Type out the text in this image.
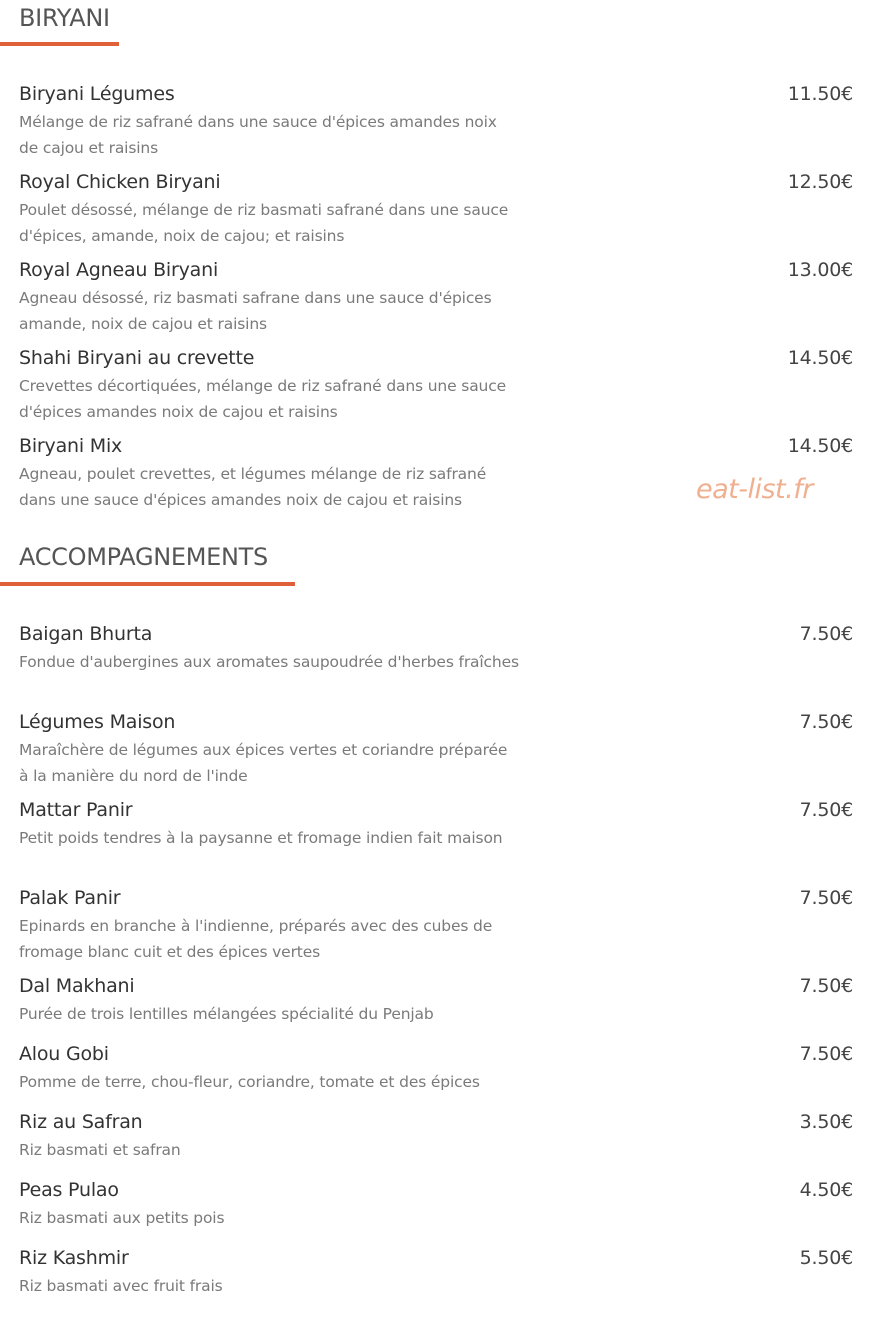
BIRYANI
Biryani Légumes	11.50€
Mélange de riz safrané dans une sauce d'épices amandes noix de cajou et raisins
Royal Chicken Biryani	12.50€
Poulet désossé, mélange de riz basmati safrané dans une sauce d'épices, amande, noix de cajou; et raisins
Royal Agneau Biryani	13.00€
Agneau désossé, riz basmati safrane dans une sauce d'épices amande, noix de cajou et raisins
Shahi Biryani au crevette	14.50€
Crevettes décortiquées, mélange de riz safrané dans une sauce d'épices amandes noix de cajou et raisins
Biryani Mix	14.50€
Agneau, poulet crevettes, et légumes mélange de riz safrané dans une sauce d'épices amandes noix de cajou et raisins	eat-list.fr
ACCOMPAGNEMENTS
Baigan Bhurta	7.50€
Fondue d'aubergines aux aromates saupoudrée d'herbes fraîches
Légumes Maison	7.50€
Maraîchère de légumes aux épices vertes et coriandre préparée à la manière du nord de l'inde
Mattar Panir	7.50€
Petit poids tendres à la paysanne et fromage indien fait maison
Palak Panir	7.50€
Epinards en branche à l'indienne, préparés avec des cubes de fromage blanc cuit et des épices vertes
Dal Makhani	7.50€
Purée de trois lentilles mélangées spécialité du Penjab
Alou Gobi	7.50€
Pomme de terre, chou-fleur, coriandre, tomate et des épices
Riz au Safran	3.50€
Riz basmati et safran
Peas Pulao	4.50€
Riz basmati aux petits pois
Riz Kashmir	5.50€
Riz basmati avec fruit frais
